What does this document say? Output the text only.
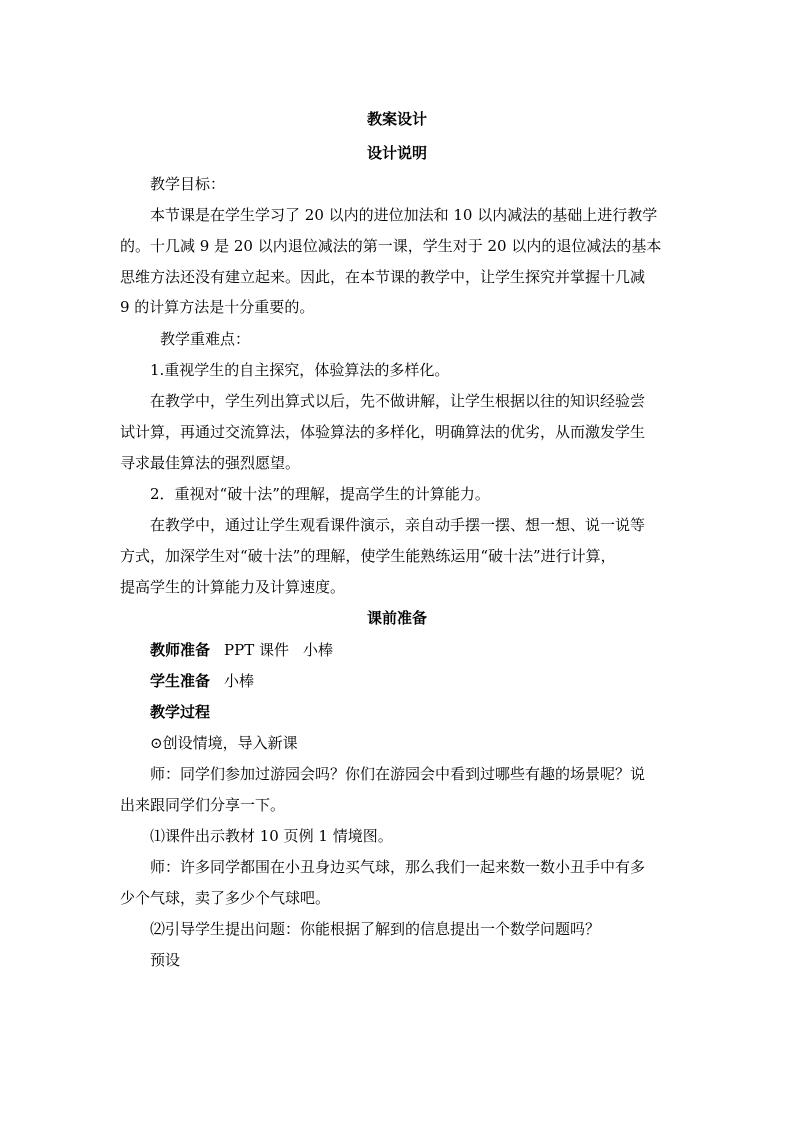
教案设计
设计说明
教学目标：
本节课是在学生学习了 20 以内的进位加法和 10 以内减法的基础上进行教学
的。十几减 9 是 20 以内退位减法的第一课，学生对于 20 以内的退位减法的基本
思维方法还没有建立起来。因此，在本节课的教学中，让学生探究并掌握十几减
9 的计算方法是十分重要的。
教学重难点：
1.重视学生的自主探究，体验算法的多样化。
在教学中，学生列出算式以后，先不做讲解，让学生根据以往的知识经验尝
试计算，再通过交流算法，体验算法的多样化，明确算法的优劣，从而激发学生
寻求最佳算法的强烈愿望。
2．重视对“破十法”的理解，提高学生的计算能力。
在教学中，通过让学生观看课件演示，亲自动手摆一摆、想一想、说一说等
方式，加深学生对“破十法”的理解，使学生能熟练运用“破十法”进行计算，
提高学生的计算能力及计算速度。
课前准备
教师准备 PPT 课件 小棒
学生准备 小棒
教学过程
⊙创设情境，导入新课
师：同学们参加过游园会吗？你们在游园会中看到过哪些有趣的场景呢？说
出来跟同学们分享一下。
⑴课件出示教材 10 页例 1 情境图。
师：许多同学都围在小丑身边买气球，那么我们一起来数一数小丑手中有多
少个气球，卖了多少个气球吧。
⑵引导学生提出问题：你能根据了解到的信息提出一个数学问题吗？
预设
